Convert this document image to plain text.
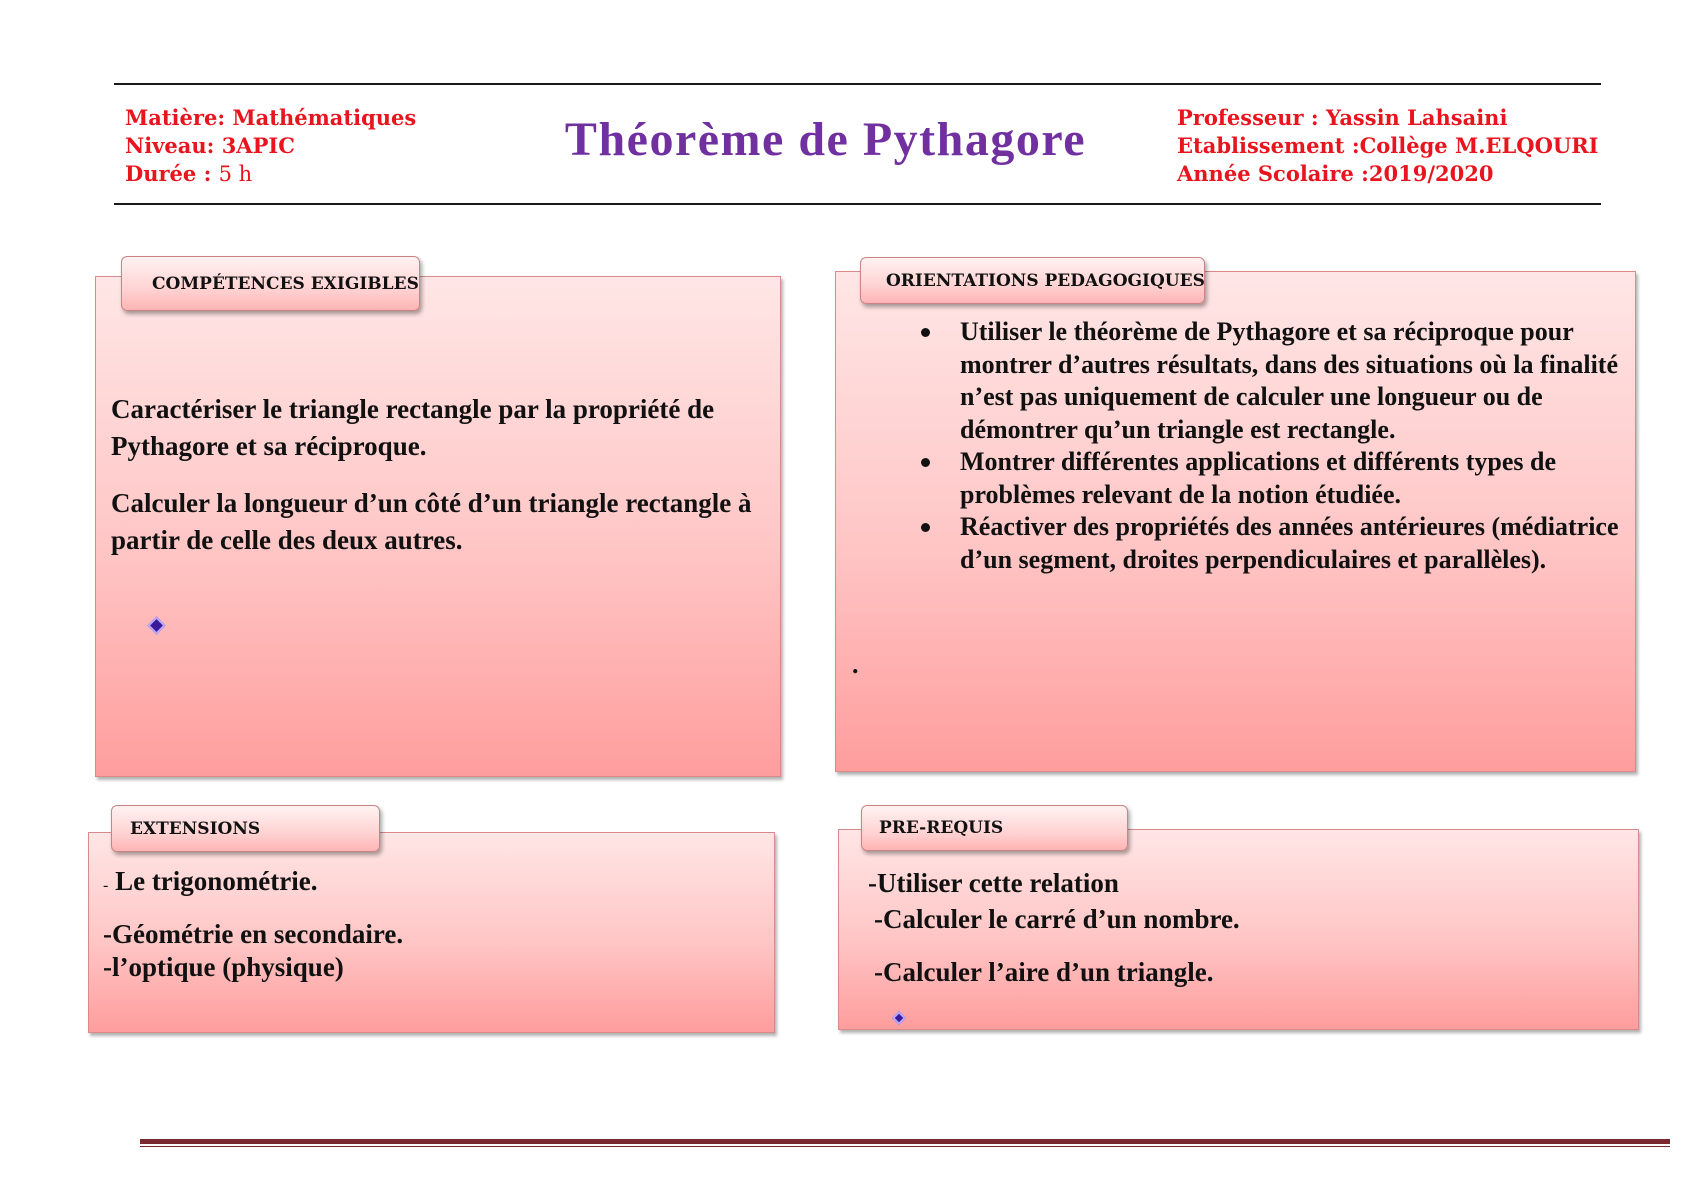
Matière: Mathématiques
Niveau: 3APIC
Durée : 5 h
Théorème de Pythagore	Professeur : Yassin Lahsaini
Etablissement :Collège M.ELQOURI
Année Scolaire :2019/2020
COMPÉTENCES EXIGIBLES
Caractériser le triangle rectangle par la propriété de Pythagore et sa réciproque.
Calculer la longueur d’un côté d’un triangle rectangle à partir de celle des deux autres.
ORIENTATIONS PEDAGOGIQUES
Utiliser le théorème de Pythagore et sa réciproque pour montrer d’autres résultats, dans des situations où la finalité n’est pas uniquement de calculer une longueur ou de démontrer qu’un triangle est rectangle.
Montrer différentes applications et différents types de problèmes relevant de la notion étudiée.
Réactiver des propriétés des années antérieures (médiatrice d’un segment, droites perpendiculaires et parallèles).
.
EXTENSIONS
- Le trigonométrie.
-Géométrie en secondaire.
-l’optique (physique)
PRE-REQUIS
-Utiliser cette relation
-Calculer le carré d’un nombre.
-Calculer l’aire d’un triangle.
